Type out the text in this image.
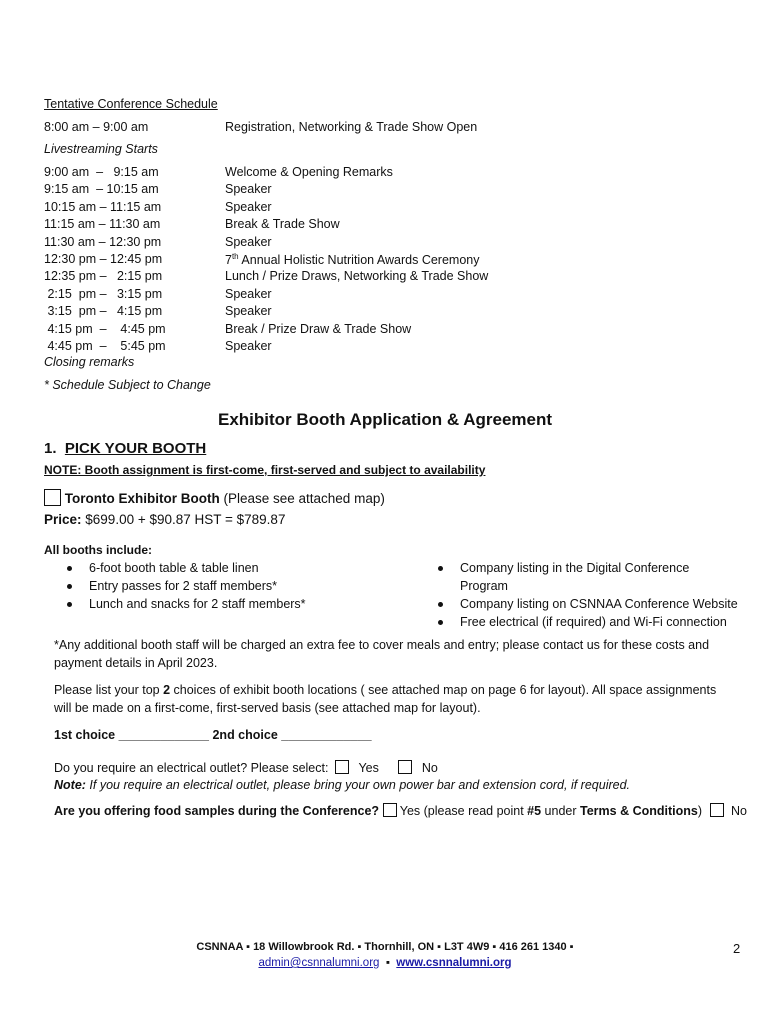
Tentative Conference Schedule
8:00 am – 9:00 am	Registration, Networking & Trade Show Open
Livestreaming Starts
9:00 am  –   9:15 am	Welcome & Opening Remarks
9:15 am  – 10:15 am	Speaker
10:15 am – 11:15 am	Speaker
11:15 am – 11:30 am	Break & Trade Show
11:30 am – 12:30 pm	Speaker
12:30 pm – 12:45 pm	7th Annual Holistic Nutrition Awards Ceremony
12:35 pm –   2:15 pm	Lunch / Prize Draws, Networking & Trade Show
2:15  pm –   3:15 pm	Speaker
3:15  pm –   4:15 pm	Speaker
4:15 pm  –    4:45 pm	Break / Prize Draw & Trade Show
4:45 pm  –    5:45 pm	Speaker
Closing remarks
* Schedule Subject to Change
Exhibitor Booth Application & Agreement
1. PICK YOUR BOOTH
NOTE: Booth assignment is first-come, first-served and subject to availability
Toronto Exhibitor Booth (Please see attached map)
Price: $699.00 + $90.87 HST = $789.87
All booths include:
6-foot booth table & table linen
Entry passes for 2 staff members*
Lunch and snacks for 2 staff members*
Company listing in the Digital Conference
Program
Company listing on CSNNAA Conference Website
Free electrical (if required) and Wi-Fi connection
*Any additional booth staff will be charged an extra fee to cover meals and entry; please contact us for these costs and
payment details in April 2023.
Please list your top 2 choices of exhibit booth locations ( see attached map on page 6 for layout). All space assignments
will be made on a first-come, first-served basis (see attached map for layout).
1st choice _____________ 2nd choice _____________
Do you require an electrical outlet? Please select: Yes	No
Note: If you require an electrical outlet, please bring your own power bar and extension cord, if required.
Are you offering food samples during the Conference?  Yes (please read point #5 under Terms & Conditions) No
CSNNAA ▪ 18 Willowbrook Rd. ▪ Thornhill, ON ▪ L3T 4W9 ▪ 416 261 1340 ▪
admin@csnnalumni.org ▪ www.csnnalumni.org
2
